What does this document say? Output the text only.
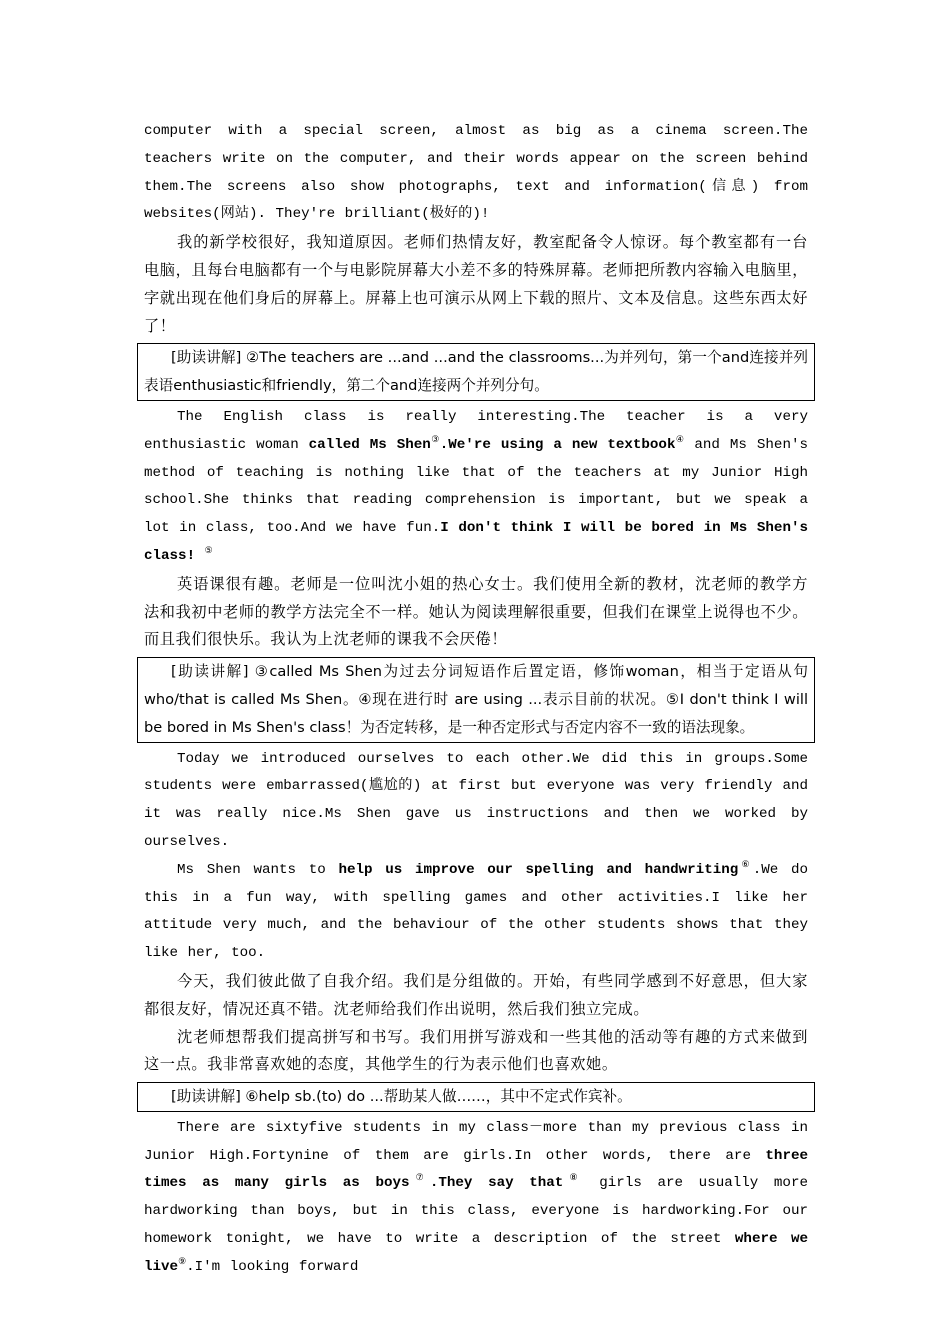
computer with a special screen, almost as big as a cinema screen.The teachers write on the computer, and their words appear on the screen behind them.The screens also show photographs, text and information(信息) from websites(网站). They're brilliant(极好的)!

我的新学校很好，我知道原因。老师们热情友好，教室配备令人惊讶。每个教室都有一台电脑，且每台电脑都有一个与电影院屏幕大小差不多的特殊屏幕。老师把所教内容输入电脑里，字就出现在他们身后的屏幕上。屏幕上也可演示从网上下载的照片、文本及信息。这些东西太好了！

[助读讲解] ②The teachers are ...and ...and the classrooms...为并列句，第一个and连接并列表语enthusiastic和friendly，第二个and连接两个并列分句。

The English class is really interesting.The teacher is a very enthusiastic woman called Ms Shen③.We're using a new textbook④ and Ms Shen's method of teaching is nothing like that of the teachers at my Junior High school.She thinks that reading comprehension is important, but we speak a lot in class, too.And we have fun.I don't think I will be bored in Ms Shen's class! ⑤

英语课很有趣。老师是一位叫沈小姐的热心女士。我们使用全新的教材，沈老师的教学方法和我初中老师的教学方法完全不一样。她认为阅读理解很重要，但我们在课堂上说得也不少。而且我们很快乐。我认为上沈老师的课我不会厌倦！

[助读讲解] ③called Ms Shen为过去分词短语作后置定语，修饰woman，相当于定语从句 who/that is called Ms Shen。④现在进行时 are using ...表示目前的状况。⑤I don't think I will be bored in Ms Shen's class！为否定转移，是一种否定形式与否定内容不一致的语法现象。

Today we introduced ourselves to each other.We did this in groups.Some students were embarrassed(尴尬的) at first but everyone was very friendly and it was really nice.Ms Shen gave us instructions and then we worked by ourselves.

Ms Shen wants to help us improve our spelling and handwriting⑥.We do this in a fun way, with spelling games and other activities.I like her attitude very much, and the behaviour of the other students shows that they like her, too.

今天，我们彼此做了自我介绍。我们是分组做的。开始，有些同学感到不好意思，但大家都很友好，情况还真不错。沈老师给我们作出说明，然后我们独立完成。

沈老师想帮我们提高拼写和书写。我们用拼写游戏和一些其他的活动等有趣的方式来做到这一点。我非常喜欢她的态度，其他学生的行为表示他们也喜欢她。

[助读讲解] ⑥help sb.(to) do ...帮助某人做……，其中不定式作宾补。

There are sixtyfive students in my class－more than my previous class in Junior High.Fortynine of them are girls.In other words, there are three times as many girls as boys⑦.They say that⑧ girls are usually more hardworking than boys, but in this class, everyone is hardworking.For our homework tonight, we have to write a description of the street where we live⑨.I'm looking forward
